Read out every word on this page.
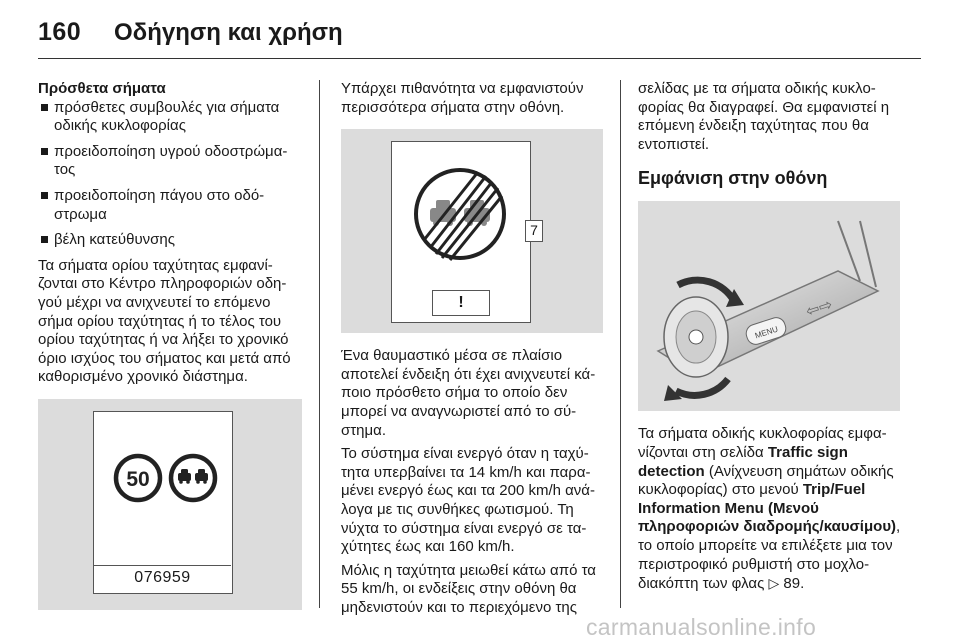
160 Οδήγηση και χρήση
Πρόσθετα σήματα
πρόσθετες συμβουλές για σήματα οδικής κυκλοφορίας
προειδοποίηση υγρού οδοστρώμα-τος
προειδοποίηση πάγου στο οδό-στρωμα
βέλη κατεύθυνσης

Τα σήματα ορίου ταχύτητας εμφανί-ζονται στο Κέντρο πληροφοριών οδη-γού μέχρι να ανιχνευτεί το επόμενο σήμα ορίου ταχύτητας ή το τέλος του ορίου ταχύτητας ή να λήξει το χρονικό όριο ισχύος του σήματος και μετά από καθορισμένο χρονικό διάστημα.

50
076959

Υπάρχει πιθανότητα να εμφανιστούν περισσότερα σήματα στην οθόνη.

7
!

Ένα θαυμαστικό μέσα σε πλαίσιο αποτελεί ένδειξη ότι έχει ανιχνευτεί κά-ποιο πρόσθετο σήμα το οποίο δεν μπορεί να αναγνωριστεί από το σύ-στημα.

Το σύστημα είναι ενεργό όταν η ταχύ-τητα υπερβαίνει τα 14 km/h και παρα-μένει ενεργό έως και τα 200 km/h ανά-λογα με τις συνθήκες φωτισμού. Τη νύχτα το σύστημα είναι ενεργό σε τα-χύτητες έως και 160 km/h.

Μόλις η ταχύτητα μειωθεί κάτω από τα 55 km/h, οι ενδείξεις στην οθόνη θα μηδενιστούν και το περιεχόμενο της

σελίδας με τα σήματα οδικής κυκλο-φορίας θα διαγραφεί. Θα εμφανιστεί η επόμενη ένδειξη ταχύτητας που θα εντοπιστεί.

Εμφάνιση στην οθόνη
MENU
⇦⇨

Τα σήματα οδικής κυκλοφορίας εμφα-νίζονται στη σελίδα Traffic sign detection (Ανίχνευση σημάτων οδικής κυκλοφορίας) στο μενού Trip/Fuel Information Menu (Μενού πληροφοριών διαδρομής/καυσίμου), το οποίο μπορείτε να επιλέξετε μια τον περιστροφικό ρυθμιστή στο μοχλο-διακόπτη των φλας ▷ 89.

carmanualsonline.info
